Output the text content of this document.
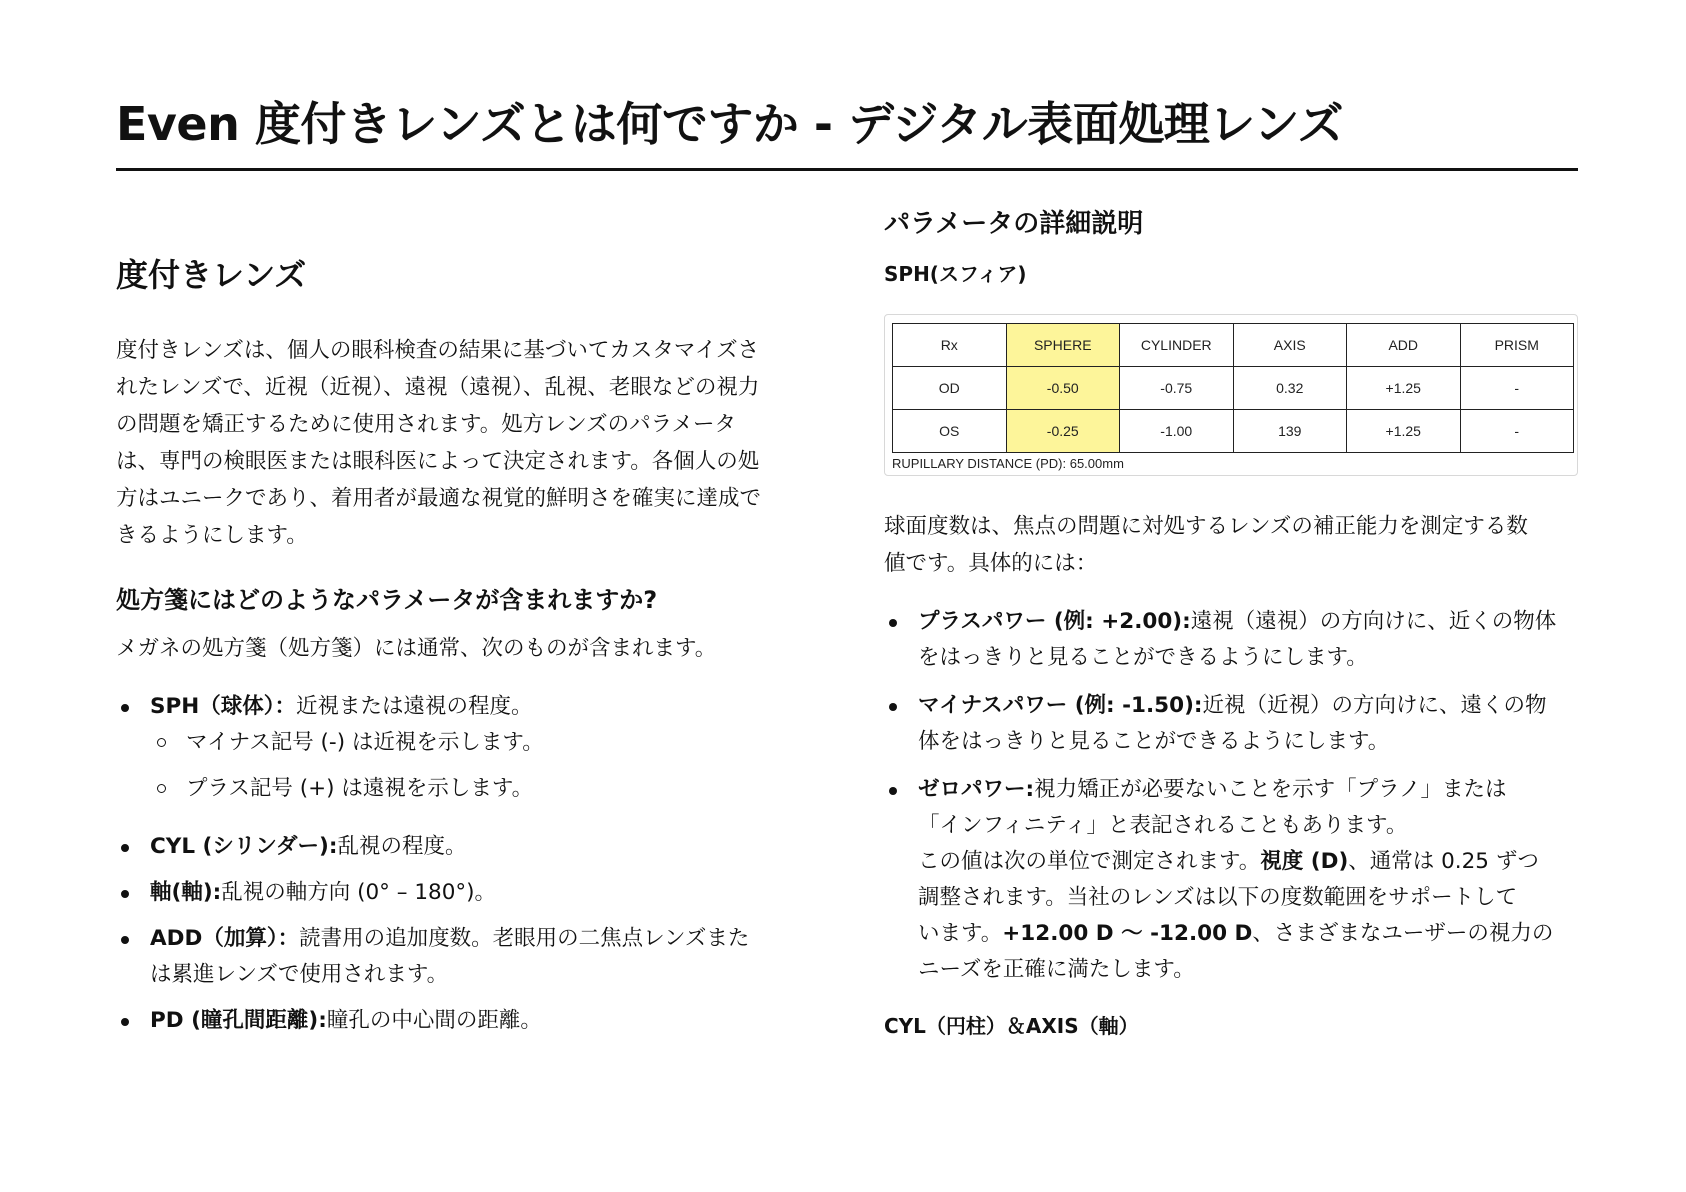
Even 度付きレンズとは何ですか - デジタル表面処理レンズ
度付きレンズ

度付きレンズは、個人の眼科検査の結果に基づいてカスタマイズさ

れたレンズで、近視（近視）、遠視（遠視）、乱視、老眼などの視力

の問題を矯正するために使用されます。処方レンズのパラメータ

は、専門の検眼医または眼科医によって決定されます。各個人の処

方はユニークであり、着用者が最適な視覚的鮮明さを確実に達成で

きるようにします。

処方箋にはどのようなパラメータが含まれますか?

メガネの処方箋（処方箋）には通常、次のものが含まれます。

SPH（球体）：近視または遠視の程度。
マイナス記号 (-) は近視を示します。
プラス記号 (+) は遠視を示します。
CYL (シリンダー):乱視の程度。
軸(軸):乱視の軸方向 (0° – 180°)。
ADD（加算）：読書用の追加度数。老眼用の二焦点レンズまた
は累進レンズで使用されます。
PD (瞳孔間距離):瞳孔の中心間の距離。
パラメータの詳細説明
SPH(スフィア)
Rx	SPHERE	CYLINDER	AXIS	ADD	PRISM
OD	-0.50	-0.75	0.32	+1.25	-
OS	-0.25	-1.00	139	+1.25	-
RUPILLARY DISTANCE (PD): 65.00mm

球面度数は、焦点の問題に対処するレンズの補正能力を測定する数

値です。具体的には：

プラスパワー (例: +2.00):遠視（遠視）の方向けに、近くの物体
をはっきりと見ることができるようにします。
マイナスパワー (例: -1.50):近視（近視）の方向けに、遠くの物
体をはっきりと見ることができるようにします。
ゼロパワー:視力矯正が必要ないことを示す「プラノ」または
「インフィニティ」と表記されることもあります。
この値は次の単位で測定されます。視度 (D)、通常は 0.25 ずつ
調整されます。当社のレンズは以下の度数範囲をサポートして
います。+12.00 D ～ -12.00 D、さまざまなユーザーの視力の
ニーズを正確に満たします。
CYL（円柱）＆AXIS（軸）
